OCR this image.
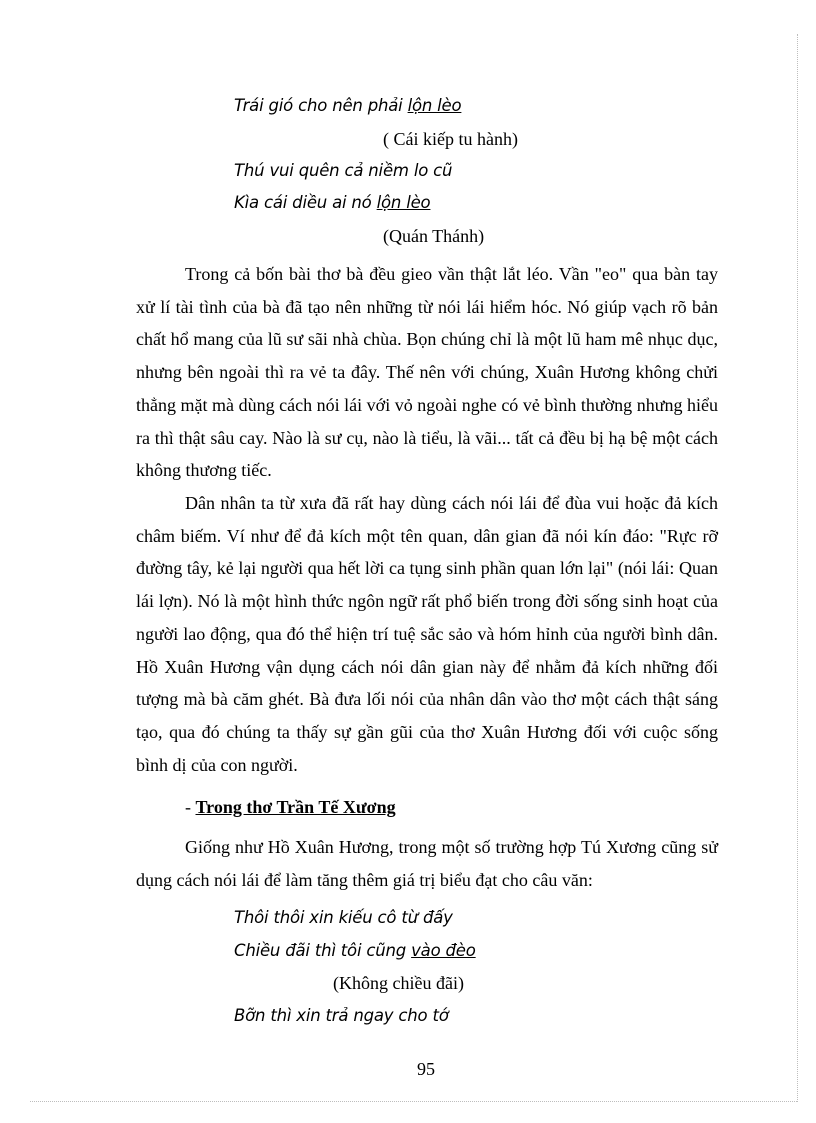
Trái gió cho nên phải lộn lèo
( Cái kiếp tu hành)
Thú vui quên cả niềm lo cũ
Kìa cái diều ai nó lộn lèo
(Quán Thánh)

Trong cả bốn bài thơ bà đều gieo vần thật lắt léo. Vần "eo" qua bàn tay xử lí tài tình của bà đã tạo nên những từ nói lái hiểm hóc. Nó giúp vạch rõ bản chất hổ mang của lũ sư sãi nhà chùa. Bọn chúng chỉ là một lũ ham mê nhục dục, nhưng bên ngoài thì ra vẻ ta đây. Thế nên với chúng, Xuân Hương không chửi thẳng mặt mà dùng cách nói lái với vỏ ngoài nghe có vẻ bình thường nhưng hiểu ra thì thật sâu cay. Nào là sư cụ, nào là tiểu, là vãi... tất cả đều bị hạ bệ một cách không thương tiếc.

Dân nhân ta từ xưa đã rất hay dùng cách nói lái để đùa vui hoặc đả kích châm biếm. Ví như để đả kích một tên quan, dân gian đã nói kín đáo: "Rực rỡ đường tây, kẻ lại người qua hết lời ca tụng sinh phần quan lớn lại" (nói lái: Quan lái lợn). Nó là một hình thức ngôn ngữ rất phổ biến trong đời sống sinh hoạt của người lao động, qua đó thể hiện trí tuệ sắc sảo và hóm hỉnh của người bình dân. Hồ Xuân Hương vận dụng cách nói dân gian này để nhằm đả kích những đối tượng mà bà căm ghét. Bà đưa lối nói của nhân dân vào thơ một cách thật sáng tạo, qua đó chúng ta thấy sự gần gũi của thơ Xuân Hương đối với cuộc sống bình dị của con người.

- Trong thơ Trần Tế Xương

Giống như Hồ Xuân Hương, trong một số trường hợp Tú Xương cũng sử dụng cách nói lái để làm tăng thêm giá trị biểu đạt cho câu văn:

Thôi thôi xin kiếu cô từ đấy
Chiều đãi thì tôi cũng vào đèo
(Không chiều đãi)
Bỡn thì xin trả ngay cho tớ
95
